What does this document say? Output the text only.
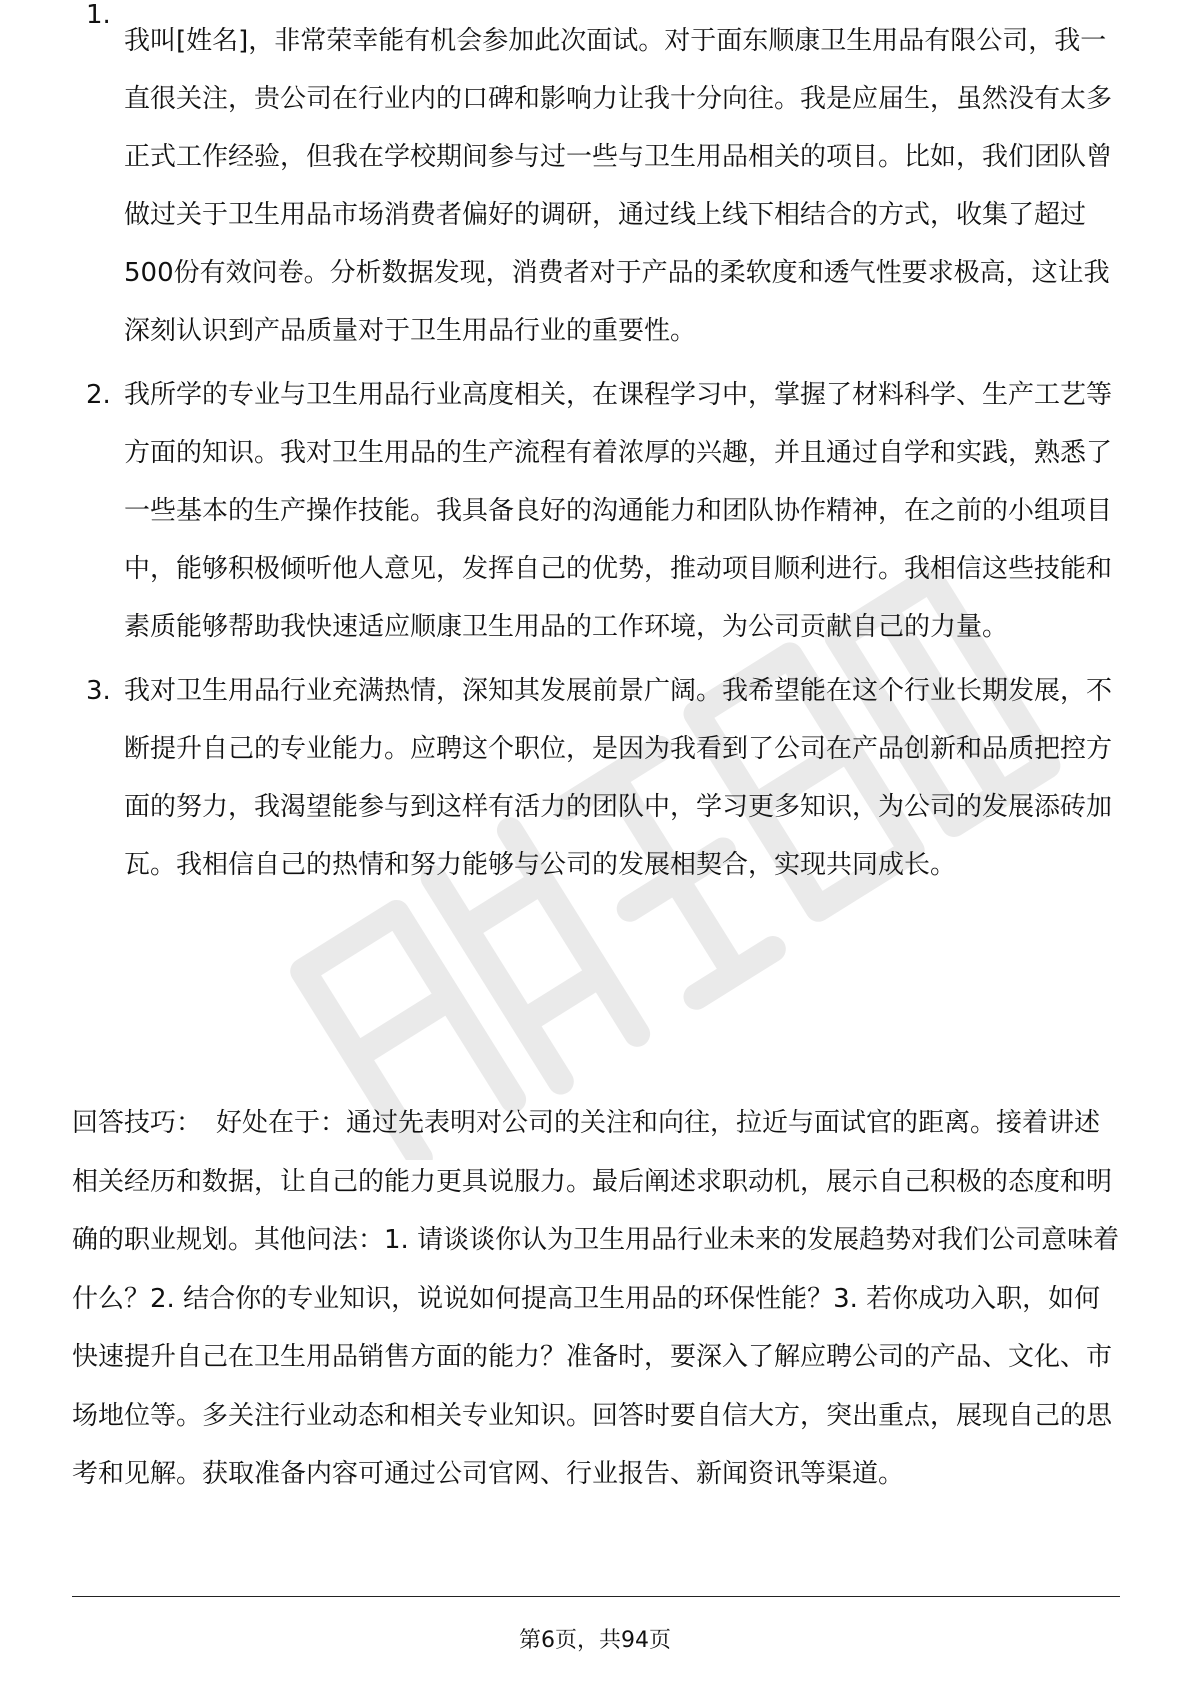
1.
我叫[姓名]，非常荣幸能有机会参加此次面试。对于面东顺康卫生用品有限公司，我一直很关注，贵公司在行业内的口碑和影响力让我十分向往。我是应届生，虽然没有太多正式工作经验，但我在学校期间参与过一些与卫生用品相关的项目。比如，我们团队曾做过关于卫生用品市场消费者偏好的调研，通过线上线下相结合的方式，收集了超过500份有效问卷。分析数据发现，消费者对于产品的柔软度和透气性要求极高，这让我深刻认识到产品质量对于卫生用品行业的重要性。
2. 我所学的专业与卫生用品行业高度相关，在课程学习中，掌握了材料科学、生产工艺等方面的知识。我对卫生用品的生产流程有着浓厚的兴趣，并且通过自学和实践，熟悉了一些基本的生产操作技能。我具备良好的沟通能力和团队协作精神，在之前的小组项目中，能够积极倾听他人意见，发挥自己的优势，推动项目顺利进行。我相信这些技能和素质能够帮助我快速适应顺康卫生用品的工作环境，为公司贡献自己的力量。
3. 我对卫生用品行业充满热情，深知其发展前景广阔。我希望能在这个行业长期发展，不断提升自己的专业能力。应聘这个职位，是因为我看到了公司在产品创新和品质把控方面的努力，我渴望能参与到这样有活力的团队中，学习更多知识，为公司的发展添砖加瓦。我相信自己的热情和努力能够与公司的发展相契合，实现共同成长。
回答技巧： 好处在于：通过先表明对公司的关注和向往，拉近与面试官的距离。接着讲述相关经历和数据，让自己的能力更具说服力。最后阐述求职动机，展示自己积极的态度和明确的职业规划。其他问法：1. 请谈谈你认为卫生用品行业未来的发展趋势对我们公司意味着什么？2. 结合你的专业知识，说说如何提高卫生用品的环保性能？3. 若你成功入职，如何快速提升自己在卫生用品销售方面的能力？准备时，要深入了解应聘公司的产品、文化、市场地位等。多关注行业动态和相关专业知识。回答时要自信大方，突出重点，展现自己的思考和见解。获取准备内容可通过公司官网、行业报告、新闻资讯等渠道。
第6页，共94页
